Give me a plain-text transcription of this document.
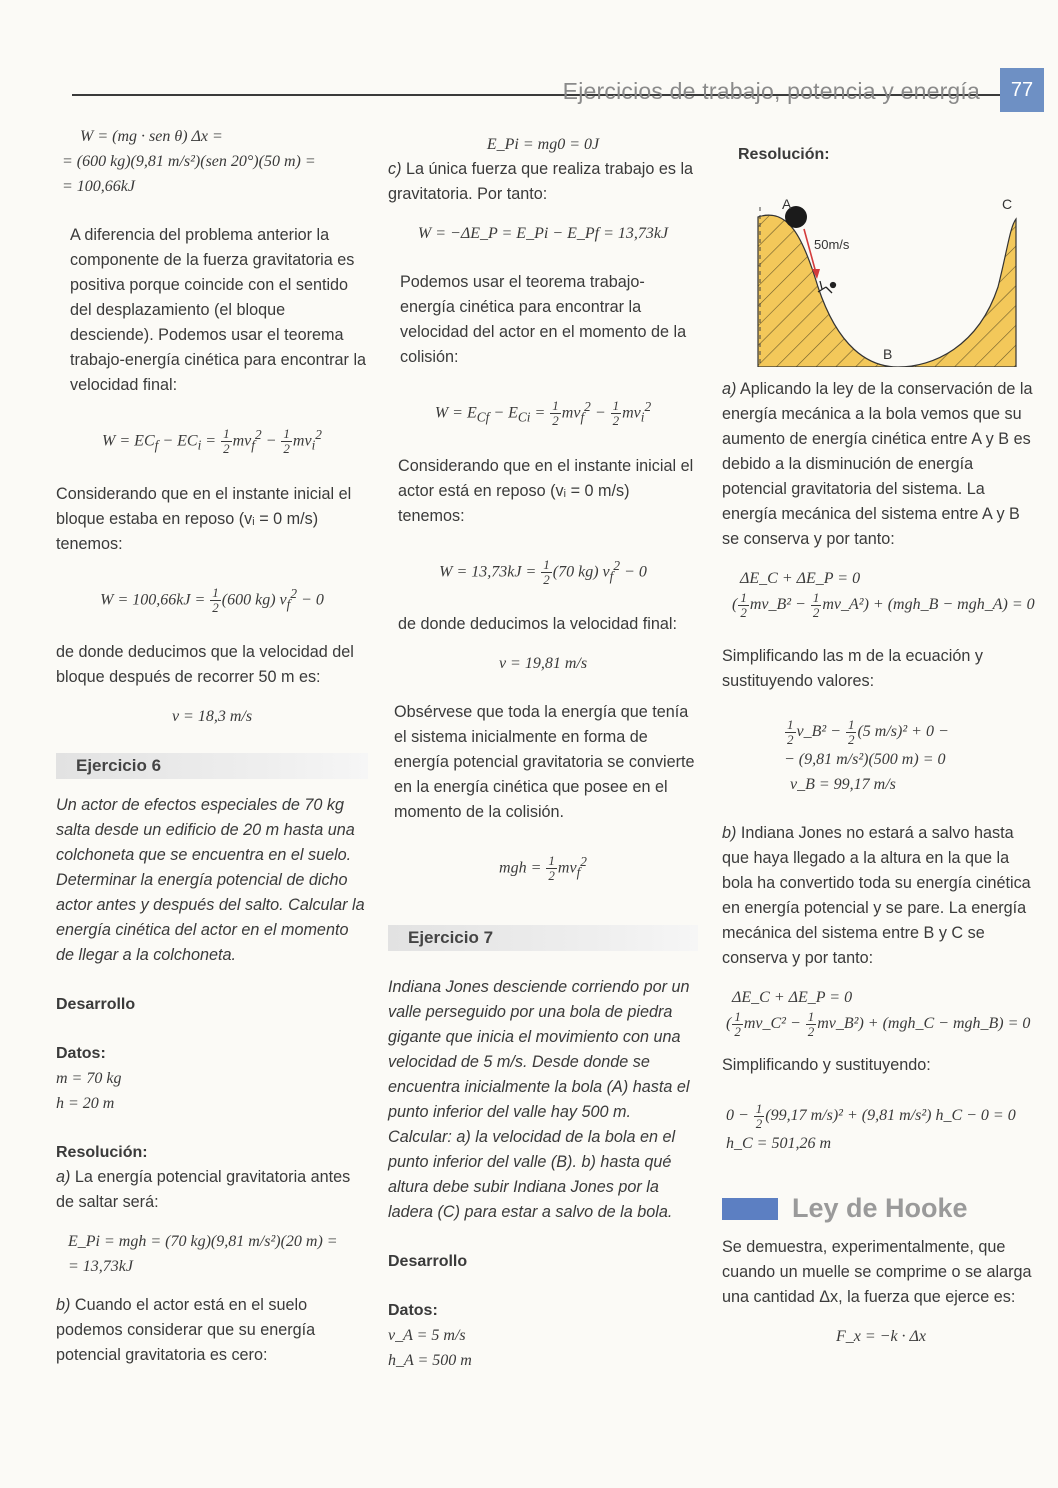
Ejercicios de trabajo, potencia y energía	77

W = (mg · sen θ) Δx =

= (600 kg)(9,81 m/s²)(sen 20°)(50 m) =

= 100,66kJ

A diferencia del problema anterior la componente de la fuerza gravitatoria es positiva porque coincide con el sentido del desplazamiento (el bloque desciende). Podemos usar el teorema trabajo-energía cinética para encontrar la velocidad final:

$W = EC_f - EC_i = \frac{1}{2} mv_f^2 - \frac{1}{2} mv_i^2$

Considerando que en el instante inicial el bloque estaba en reposo (vᵢ = 0 m/s) tenemos:

$W = 100,66kJ = \frac{1}{2} (600$ kg) $v_f^2 - 0$

de donde deducimos que la velocidad del bloque después de recorrer 50 m es:

v = 18,3 m/s

Ejercicio 6

Un actor de efectos especiales de 70 kg salta desde un edificio de 20 m hasta una colchoneta que se encuentra en el suelo. Determinar la energía potencial de dicho actor antes y después del salto. Calcular la energía cinética del actor en el momento de llegar a la colchoneta.

Desarrollo

Datos:

m = 70 kg

h = 20 m

Resolución:

a) La energía potencial gravitatoria antes de saltar será:

E_Pi = mgh = (70 kg)(9,81 m/s²)(20 m) =

= 13,73kJ

b) Cuando el actor está en el suelo podemos considerar que su energía potencial gravitatoria es cero:

E_Pi = mg0 = 0J

c) La única fuerza que realiza trabajo es la gravitatoria. Por tanto:

W = −ΔE_P = E_Pi − E_Pf = 13,73kJ

Podemos usar el teorema trabajo-energía cinética para encontrar la velocidad del actor en el momento de la colisión:

$W = E_{Cf} - E_{Ci} = \frac{1}{2} mv_f^2 - \frac{1}{2} mv_i^2$

Considerando que en el instante inicial el actor está en reposo (vᵢ = 0 m/s) tenemos:

$W = 13,73kJ = \frac{1}{2} (70$ kg) $v_f^2 - 0$

de donde deducimos la velocidad final:

v = 19,81 m/s

Obsérvese que toda la energía que tenía el sistema inicialmente en forma de energía potencial gravitatoria se convierte en la energía cinética que posee en el momento de la colisión.

mgh = $\frac{1}{2} mv_f^2$

Ejercicio 7

Indiana Jones desciende corriendo por un valle perseguido por una bola de piedra gigante que inicia el movimiento con una velocidad de 5 m/s. Desde donde se encuentra inicialmente la bola (A) hasta el punto inferior del valle hay 500 m. Calcular: a) la velocidad de la bola en el punto inferior del valle (B). b) hasta qué altura debe subir Indiana Jones por la ladera (C) para estar a salvo de la bola.

Desarrollo

Datos:

v_A = 5 m/s

h_A = 500 m

Resolución:

A
B
C
50m/s

a) Aplicando la ley de la conservación de la energía mecánica a la bola vemos que su aumento de energía cinética entre A y B es debido a la disminución de energía potencial gravitatoria del sistema. La energía mecánica del sistema entre A y B se conserva y por tanto:

ΔE_C + ΔE_P = 0

( $\frac{1}{2}$ mv_B² − $\frac{1}{2}$ mv_A²) + (mgh_B − mgh_A) = 0

Simplificando las m de la ecuación y sustituyendo valores:

$\frac{1}{2}$ v_B² − $\frac{1}{2} (5$ m/s)² + 0 −

− (9,81 m/s²)(500 m) = 0

v_B = 99,17 m/s

b) Indiana Jones no estará a salvo hasta que haya llegado a la altura en la que la bola ha convertido toda su energía cinética en energía potencial y se pare. La energía mecánica del sistema entre B y C se conserva y por tanto:

ΔE_C + ΔE_P = 0

( $\frac{1}{2}$ mv_C² − $\frac{1}{2}$ mv_B²) + (mgh_C − mgh_B) = 0

Simplificando y sustituyendo:

$0 - \frac{1}{2} (99,17$ m/s)² + (9,81 m/s²) h_C − 0 = 0

h_C = 501,26 m

Ley de Hooke

Se demuestra, experimentalmente, que cuando un muelle se comprime o se alarga una cantidad Δx, la fuerza que ejerce es:

F_x = −k · Δx
